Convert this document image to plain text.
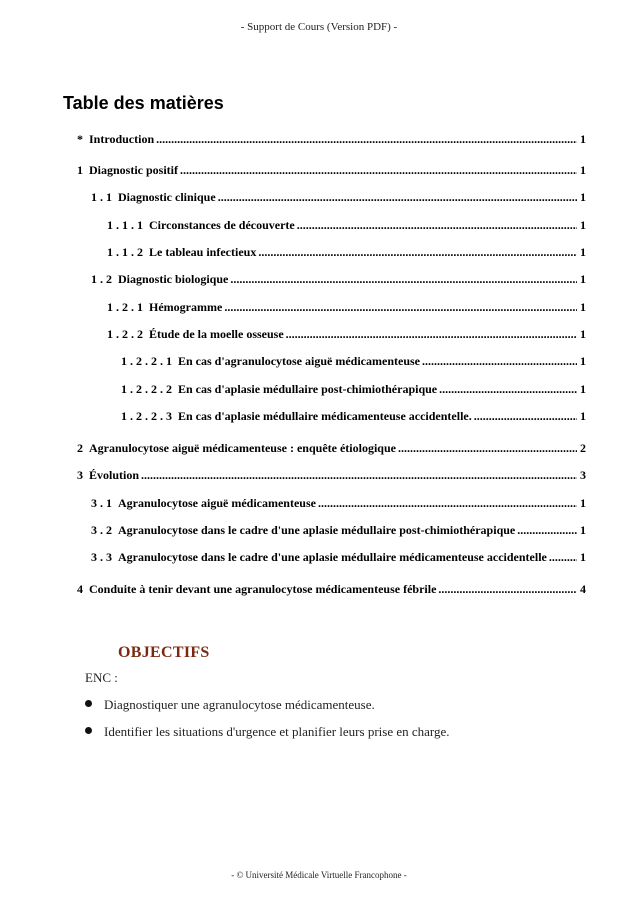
- Support de Cours (Version PDF) -
Table des matières
* Introduction .....	1
1 Diagnostic positif .....	1
1 . 1 Diagnostic clinique .....	1
1 . 1 . 1 Circonstances de découverte .....	1
1 . 1 . 2 Le tableau infectieux .....	1
1 . 2 Diagnostic biologique .....	1
1 . 2 . 1 Hémogramme .....	1
1 . 2 . 2 Étude de la moelle osseuse .....	1
1 . 2 . 2 . 1 En cas d'agranulocytose aiguë médicamenteuse .....	1
1 . 2 . 2 . 2 En cas d'aplasie médullaire post-chimiothérapique .....	1
1 . 2 . 2 . 3 En cas d'aplasie médullaire médicamenteuse accidentelle. .....	1
2 Agranulocytose aiguë médicamenteuse : enquête étiologique .....	2
3 Évolution .....	3
3 . 1 Agranulocytose aiguë médicamenteuse .....	1
3 . 2 Agranulocytose dans le cadre d'une aplasie médullaire post-chimiothérapique .....	1
3 . 3 Agranulocytose dans le cadre d'une aplasie médullaire médicamenteuse accidentelle .....	1
4 Conduite à tenir devant une agranulocytose médicamenteuse fébrile .....	4
OBJECTIFS
ENC :
Diagnostiquer une agranulocytose médicamenteuse.
Identifier les situations d'urgence et planifier leurs prise en charge.
- © Université Médicale Virtuelle Francophone -
